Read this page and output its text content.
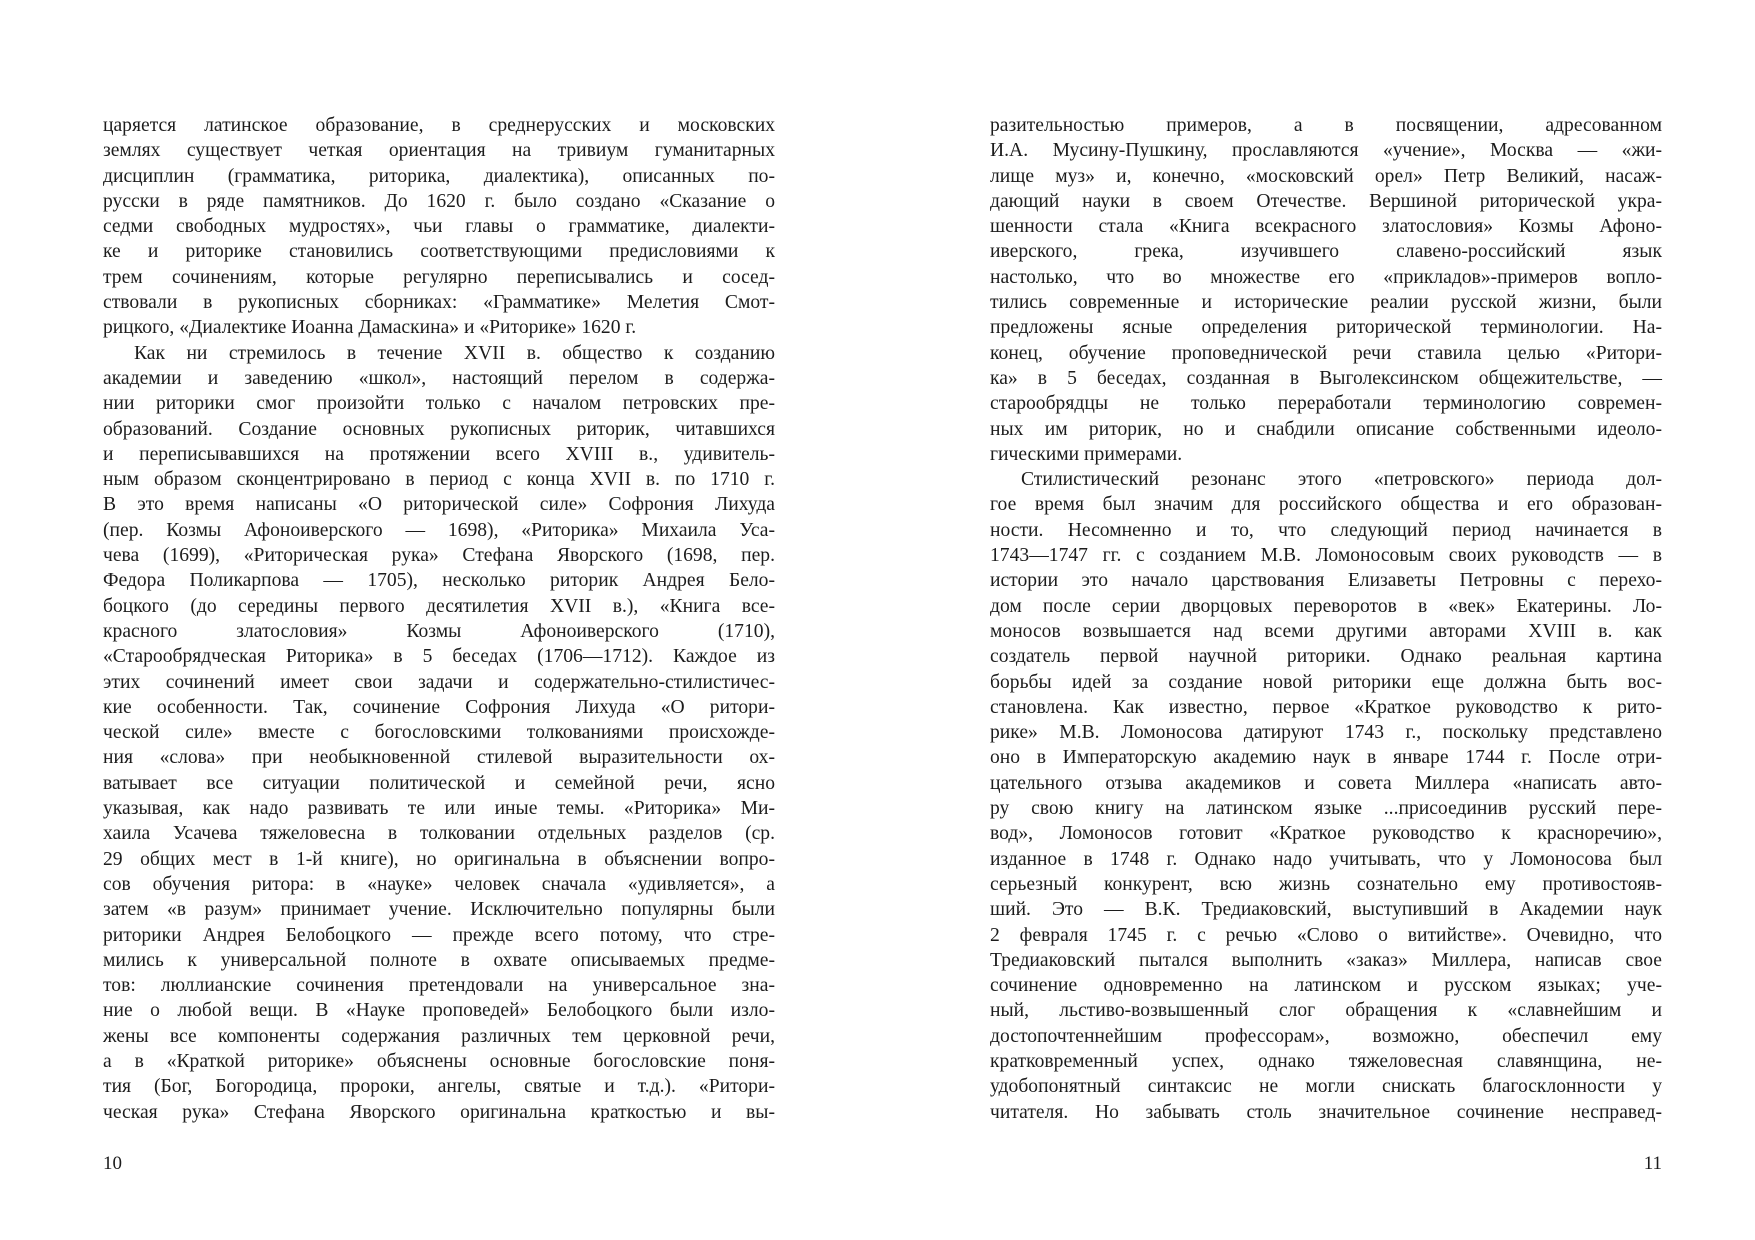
царяется латинское образование, в среднерусских и московских
землях существует четкая ориентация на тривиум гуманитарных
дисциплин (грамматика, риторика, диалектика), описанных по-
русски в ряде памятников. До 1620 г. было создано «Сказание о
седми свободных мудростях», чьи главы о грамматике, диалекти-
ке и риторике становились соответствующими предисловиями к
трем сочинениям, которые регулярно переписывались и сосед-
ствовали в рукописных сборниках: «Грамматике» Мелетия Смот-
рицкого, «Диалектике Иоанна Дамаскина» и «Риторике» 1620 г.
Как ни стремилось в течение XVII в. общество к созданию
академии и заведению «школ», настоящий перелом в содержа-
нии риторики смог произойти только с началом петровских пре-
образований. Создание основных рукописных риторик, читавшихся
и переписывавшихся на протяжении всего XVIII в., удивитель-
ным образом сконцентрировано в период с конца XVII в. по 1710 г.
В это время написаны «О риторической силе» Софрония Лихуда
(пер. Козмы Афоноиверского — 1698), «Риторика» Михаила Уса-
чева (1699), «Риторическая рука» Стефана Яворского (1698, пер.
Федора Поликарпова — 1705), несколько риторик Андрея Бело-
боцкого (до середины первого десятилетия XVII в.), «Книга все-
красного златословия» Козмы Афоноиверского (1710),
«Старообрядческая Риторика» в 5 беседах (1706—1712). Каждое из
этих сочинений имеет свои задачи и содержательно-стилистичес-
кие особенности. Так, сочинение Софрония Лихуда «О ритори-
ческой силе» вместе с богословскими толкованиями происхожде-
ния «слова» при необыкновенной стилевой выразительности ох-
ватывает все ситуации политической и семейной речи, ясно
указывая, как надо развивать те или иные темы. «Риторика» Ми-
хаила Усачева тяжеловесна в толковании отдельных разделов (ср.
29 общих мест в 1-й книге), но оригинальна в объяснении вопро-
сов обучения ритора: в «науке» человек сначала «удивляется», а
затем «в разум» принимает учение. Исключительно популярны были
риторики Андрея Белобоцкого — прежде всего потому, что стре-
мились к универсальной полноте в охвате описываемых предме-
тов: люллианские сочинения претендовали на универсальное зна-
ние о любой вещи. В «Науке проповедей» Белобоцкого были изло-
жены все компоненты содержания различных тем церковной речи,
а в «Краткой риторике» объяснены основные богословские поня-
тия (Бог, Богородица, пророки, ангелы, святые и т.д.). «Ритори-
ческая рука» Стефана Яворского оригинальна краткостью и вы-
10
разительностью примеров, а в посвящении, адресованном
И.А. Мусину-Пушкину, прославляются «учение», Москва — «жи-
лище муз» и, конечно, «московский орел» Петр Великий, насаж-
дающий науки в своем Отечестве. Вершиной риторической укра-
шенности стала «Книга всекрасного златословия» Козмы Афоно-
иверского, грека, изучившего славено-российский язык
настолько, что во множестве его «прикладов»-примеров вопло-
тились современные и исторические реалии русской жизни, были
предложены ясные определения риторической терминологии. На-
конец, обучение проповеднической речи ставила целью «Ритори-
ка» в 5 беседах, созданная в Выголексинском общежительстве, —
старообрядцы не только переработали терминологию современ-
ных им риторик, но и снабдили описание собственными идеоло-
гическими примерами.
Стилистический резонанс этого «петровского» периода дол-
гое время был значим для российского общества и его образован-
ности. Несомненно и то, что следующий период начинается в
1743—1747 гг. с созданием М.В. Ломоносовым своих руководств — в
истории это начало царствования Елизаветы Петровны с перехо-
дом после серии дворцовых переворотов в «век» Екатерины. Ло-
моносов возвышается над всеми другими авторами XVIII в. как
создатель первой научной риторики. Однако реальная картина
борьбы идей за создание новой риторики еще должна быть вос-
становлена. Как известно, первое «Краткое руководство к рито-
рике» М.В. Ломоносова датируют 1743 г., поскольку представлено
оно в Императорскую академию наук в январе 1744 г. После отри-
цательного отзыва академиков и совета Миллера «написать авто-
ру свою книгу на латинском языке ...присоединив русский пере-
вод», Ломоносов готовит «Краткое руководство к красноречию»,
изданное в 1748 г. Однако надо учитывать, что у Ломоносова был
серьезный конкурент, всю жизнь сознательно ему противостояв-
ший. Это — В.К. Тредиаковский, выступивший в Академии наук
2 февраля 1745 г. с речью «Слово о витийстве». Очевидно, что
Тредиаковский пытался выполнить «заказ» Миллера, написав свое
сочинение одновременно на латинском и русском языках; уче-
ный, льстиво-возвышенный слог обращения к «славнейшим и
достопочтеннейшим профессорам», возможно, обеспечил ему
кратковременный успех, однако тяжеловесная славянщина, не-
удобопонятный синтаксис не могли снискать благосклонности у
читателя. Но забывать столь значительное сочинение несправед-
11
